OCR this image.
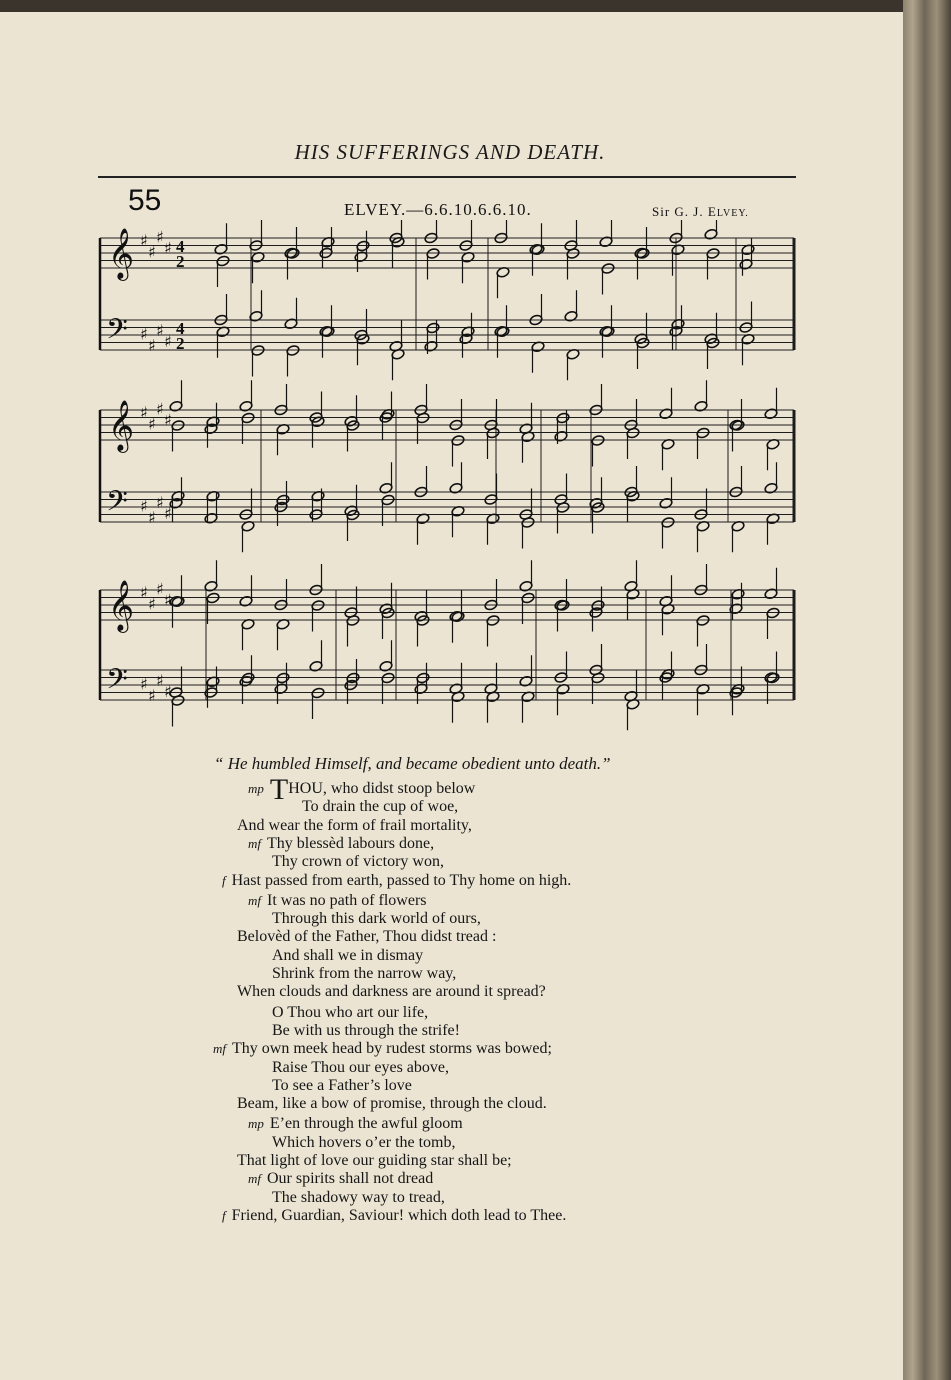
HIS SUFFERINGS AND DEATH.
55	ELVEY.—6.6.10.6.6.10.	Sir G. J. ELVEY.
𝄞
𝄢
♯
♯
♯
♯
♯
♯
♯
♯
4
4
2
2
𝄞
𝄢
♯
♯
♯
♯
♯
♯
♯
♯
𝄞
𝄢
♯
♯
♯
♯
♯
♯
♯
♯
“ He humbled Himself, and became obedient unto death.”
mp THOU, who didst stoop below
To drain the cup of woe,
And wear the form of frail mortality,
mf Thy blessèd labours done,
Thy crown of victory won,
f Hast passed from earth, passed to Thy home on high.
mf It was no path of flowers
Through this dark world of ours,
Belovèd of the Father, Thou didst tread :
And shall we in dismay
Shrink from the narrow way,
When clouds and darkness are around it spread?
O Thou who art our life,
Be with us through the strife!
mf Thy own meek head by rudest storms was bowed;
Raise Thou our eyes above,
To see a Father’s love
Beam, like a bow of promise, through the cloud.
mp E’en through the awful gloom
Which hovers o’er the tomb,
That light of love our guiding star shall be;
mf Our spirits shall not dread
The shadowy way to tread,
f Friend, Guardian, Saviour! which doth lead to Thee.
